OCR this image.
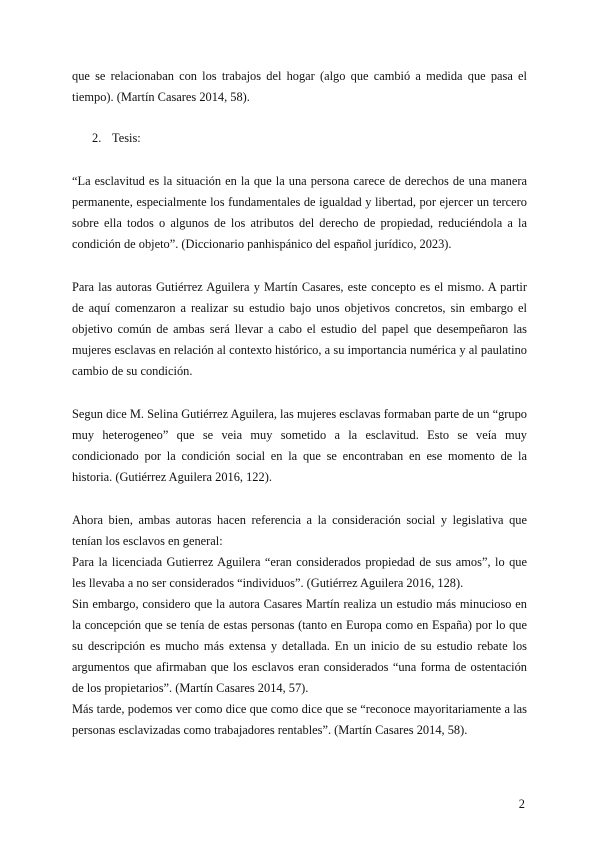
que se relacionaban con los trabajos del hogar (algo que cambió a medida que pasa el tiempo). (Martín Casares 2014, 58).

2. Tesis:

“La esclavitud es la situación en la que la una persona carece de derechos de una manera permanente, especialmente los fundamentales de igualdad y libertad, por ejercer un tercero sobre ella todos o algunos de los atributos del derecho de propiedad, reduciéndola a la condición de objeto”. (Diccionario panhispánico del español jurídico, 2023).

Para las autoras Gutiérrez Aguilera y Martín Casares, este concepto es el mismo. A partir de aquí comenzaron a realizar su estudio bajo unos objetivos concretos, sin embargo el objetivo común de ambas será llevar a cabo el estudio del papel que desempeñaron las mujeres esclavas en relación al contexto histórico, a su importancia numérica y al paulatino cambio de su condición.

Segun dice M. Selina Gutiérrez Aguilera, las mujeres esclavas formaban parte de un “grupo muy heterogeneo” que se veia muy sometido a la esclavitud. Esto se veía muy condicionado por la condición social en la que se encontraban en ese momento de la historia. (Gutiérrez Aguilera 2016, 122).

Ahora bien, ambas autoras hacen referencia a la consideración social y legislativa que tenían los esclavos en general:

Para la licenciada Gutierrez Aguilera “eran considerados propiedad de sus amos”, lo que les llevaba a no ser considerados “individuos”. (Gutiérrez Aguilera 2016, 128).

Sin embargo, considero que la autora Casares Martín realiza un estudio más minucioso en la concepción que se tenía de estas personas (tanto en Europa como en España) por lo que su descripción es mucho más extensa y detallada. En un inicio de su estudio rebate los argumentos que afirmaban que los esclavos eran considerados “una forma de ostentación de los propietarios”. (Martín Casares 2014, 57).

Más tarde, podemos ver como dice que como dice que se “reconoce mayoritariamente a las personas esclavizadas como trabajadores rentables”. (Martín Casares 2014, 58).

2
